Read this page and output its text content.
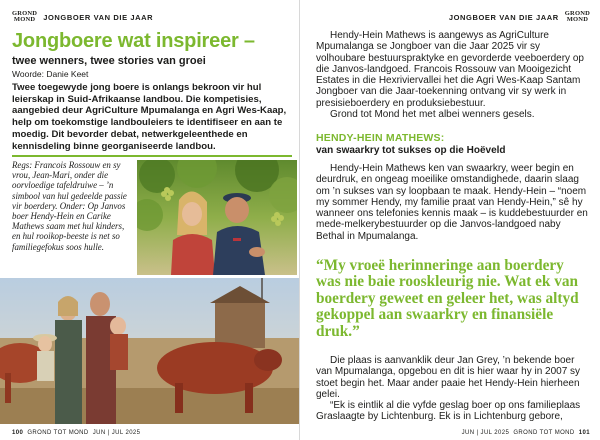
GROND
MOND JONGBOER VAN DIE JAAR
Jongboere wat inspireer –
twee wenners, twee stories van groei
Woorde: Danie Keet
Twee toegewyde jong boere is onlangs bekroon vir hul leierskap in Suid-Afrikaanse landbou. Die kompetisies, aangebied deur AgriCulture Mpumalanga en Agri Wes-Kaap, help om toekomstige landbouleiers te identifiseer en aan te moedig. Dit bevorder debat, netwerkgeleenthede en kennisdeling binne georganiseerde landbou.
Regs: Francois Rossouw en sy vrou, Jean-Mari, onder die oorvloedige tafeldruiwe – ’n simbool van hul gedeelde passie vir boerdery. Onder: Op Janvos boer Hendy-Hein en Carike Mathews saam met hul kinders, en hul rooikop-beeste is net so familiegefokus soos hulle.
100 GROND TOT MOND JUN | JUL 2025
JONGBOER VAN DIE JAAR GROND
MOND

Hendy-Hein Mathews is aangewys as AgriCulture Mpumalanga se Jongboer van die Jaar 2025 vir sy volhoubare bestuurspraktyke en gevorderde veeboerdery op die Janvos-landgoed. Francois Rossouw van Mooigezicht Estates in die Hexriviervallei het die Agri Wes-Kaap Santam Jongboer van die Jaar-toekenning ontvang vir sy werk in presisieboerdery en produksiebestuur.

Grond tot Mond het met albei wenners gesels.

HENDY-HEIN MATHEWS:
van swaarkry tot sukses op die Hoëveld

Hendy-Hein Mathews ken van swaarkry, weer begin en deurdruk, en ongeag moeilike omstandighede, daarin slaag om ’n sukses van sy loopbaan te maak. Hendy-Hein – “noem my sommer Hendy, my familie praat van Hendy-Hein,” sê hy wanneer ons telefonies kennis maak – is kuddebestuurder en mede-melkerybestuurder op die Janvos-landgoed naby Bethal in Mpumalanga.

“My vroeë herinneringe aan boerdery was nie baie rooskleurig nie. Wat ek van boerdery geweet en geleer het, was altyd gekoppel aan swaarkry en finansiële druk.”

Die plaas is aanvanklik deur Jan Grey, ’n bekende boer van Mpumalanga, opgebou en dit is hier waar hy in 2007 sy stoet begin het. Maar ander paaie het Hendy-Hein hierheen gelei.

“Ek is eintlik al die vyfde geslag boer op ons familieplaas Graslaagte by Lichtenburg. Ek is in Lichtenburg gebore,

JUN | JUL 2025 GROND TOT MOND 101
